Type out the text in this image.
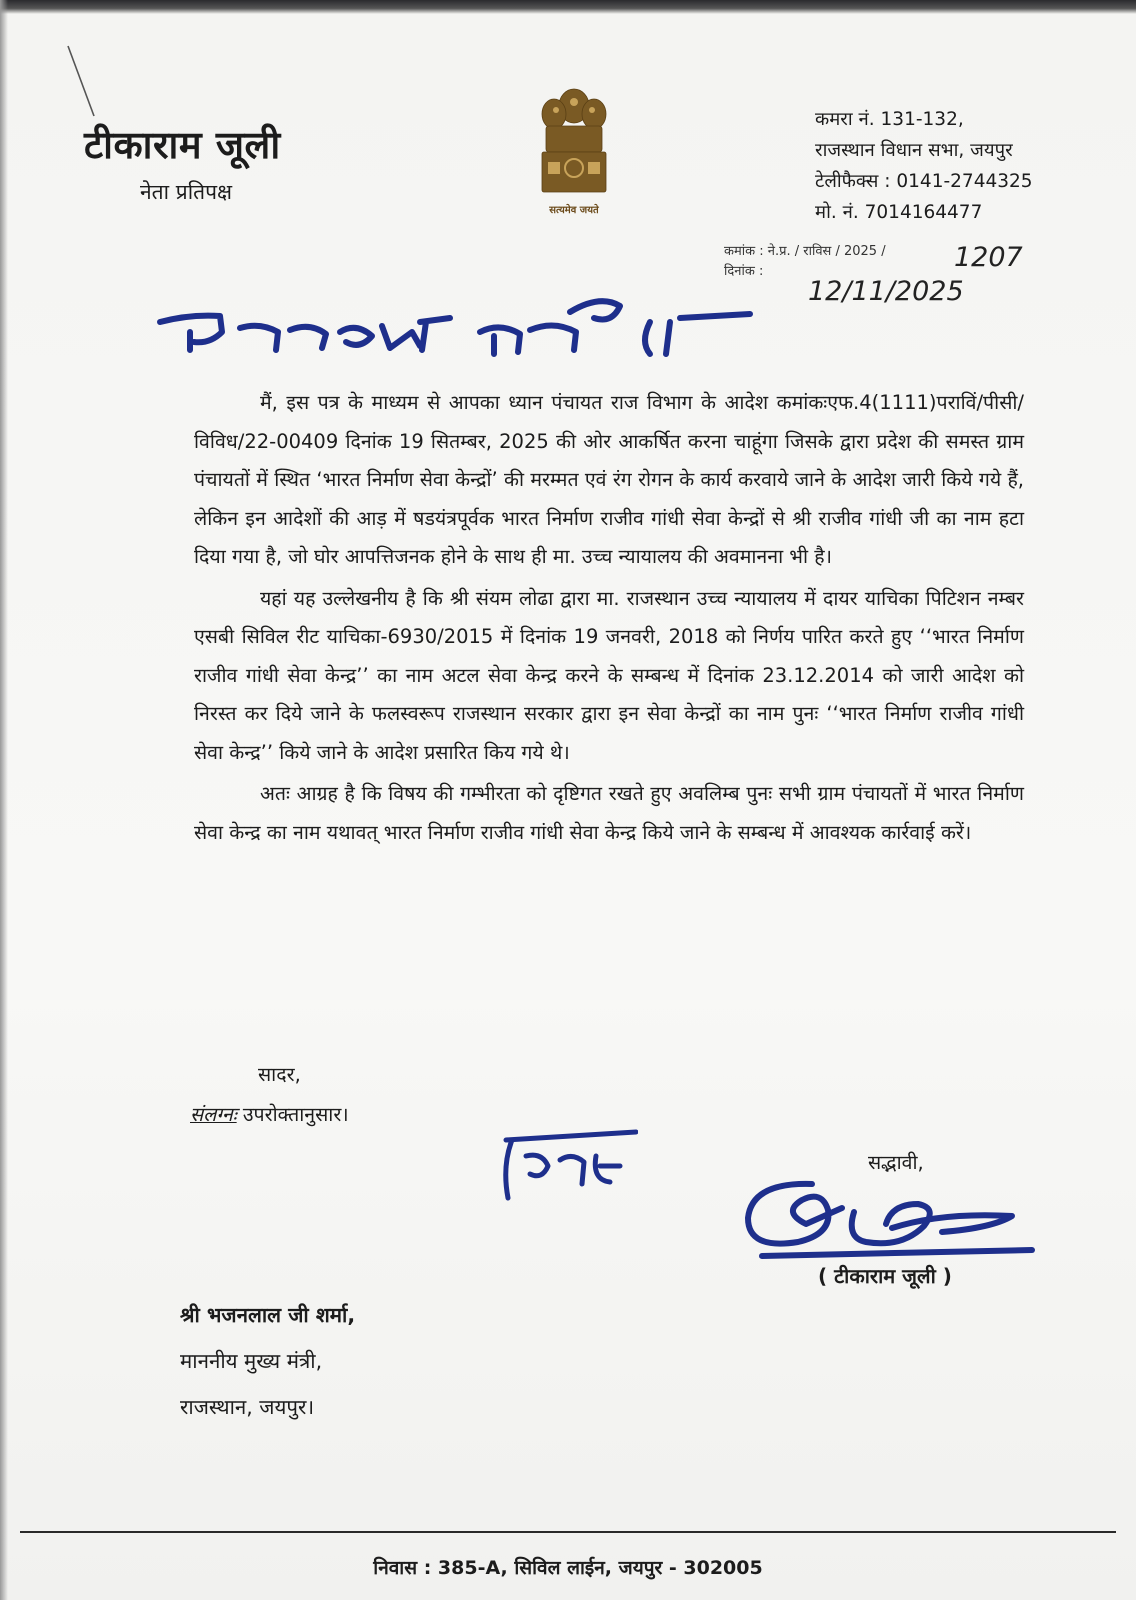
टीकाराम जूली
नेता प्रतिपक्ष
सत्यमेव जयते
कमरा नं. 131-132,
राजस्थान विधान सभा, जयपुर
टेलीफैक्स : 0141-2744325
मो. नं. 7014164477
कमांक : ने.प्र. / राविस / 2025 /
दिनांक :	1207
12/11/2025

मैं, इस पत्र के माध्यम से आपका ध्यान पंचायत राज विभाग के आदेश कमांकःएफ.4(1111)पराविं/पीसी/विविध/22-00409 दिनांक 19 सितम्बर, 2025 की ओर आकर्षित करना चाहूंगा जिसके द्वारा प्रदेश की समस्त ग्राम पंचायतों में स्थित ‘भारत निर्माण सेवा केन्द्रों’ की मरम्मत एवं रंग रोगन के कार्य करवाये जाने के आदेश जारी किये गये हैं, लेकिन इन आदेशों की आड़ में षडयंत्रपूर्वक भारत निर्माण राजीव गांधी सेवा केन्द्रों से श्री राजीव गांधी जी का नाम हटा दिया गया है, जो घोर आपत्तिजनक होने के साथ ही मा. उच्च न्यायालय की अवमानना भी है।

यहां यह उल्लेखनीय है कि श्री संयम लोढा द्वारा मा. राजस्थान उच्च न्यायालय में दायर याचिका पिटिशन नम्बर एसबी सिविल रीट याचिका-6930/2015 में दिनांक 19 जनवरी, 2018 को निर्णय पारित करते हुए ‘‘भारत निर्माण राजीव गांधी सेवा केन्द्र’’ का नाम अटल सेवा केन्द्र करने के सम्बन्ध में दिनांक 23.12.2014 को जारी आदेश को निरस्त कर दिये जाने के फलस्वरूप राजस्थान सरकार द्वारा इन सेवा केन्द्रों का नाम पुनः ‘‘भारत निर्माण राजीव गांधी सेवा केन्द्र’’ किये जाने के आदेश प्रसारित किय गये थे।

अतः आग्रह है कि विषय की गम्भीरता को दृष्टिगत रखते हुए अवलिम्ब पुनः सभी ग्राम पंचायतों में भारत निर्माण सेवा केन्द्र का नाम यथावत् भारत निर्माण राजीव गांधी सेवा केन्द्र किये जाने के सम्बन्ध में आवश्यक कार्रवाई करें।

सादर,
संलग्नः उपरोक्तानुसार।
सद्भावी,
( टीकाराम जूली )
श्री भजनलाल जी शर्मा,
माननीय मुख्य मंत्री,
राजस्थान, जयपुर।
निवास : 385-A, सिविल लाईन, जयपुर - 302005
